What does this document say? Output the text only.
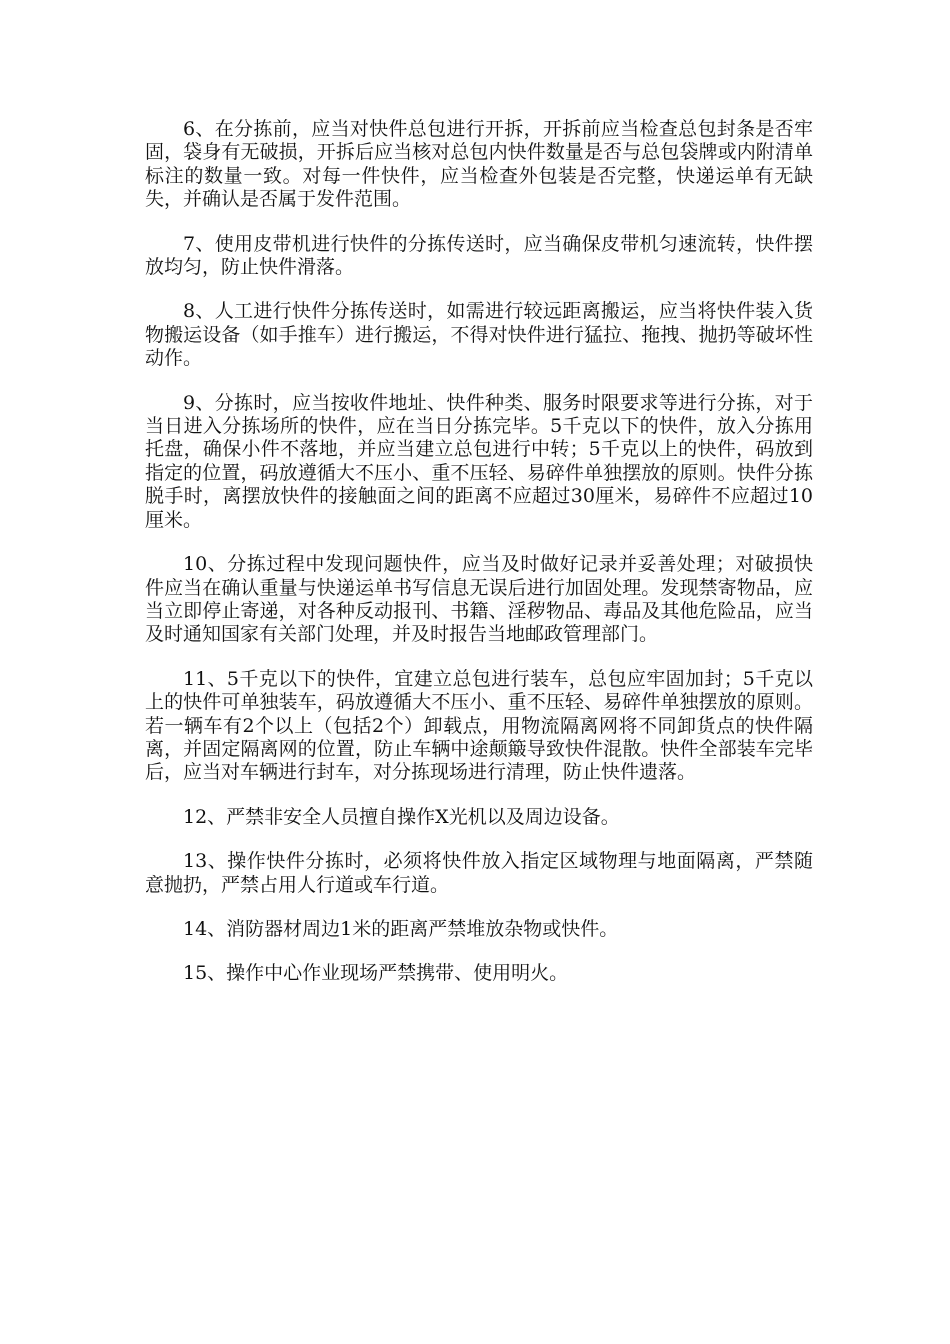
6、在分拣前，应当对快件总包进行开拆，开拆前应当检查总包封条是否牢固，袋身有无破损，开拆后应当核对总包内快件数量是否与总包袋牌或内附清单标注的数量一致。对每一件快件，应当检查外包装是否完整，快递运单有无缺失，并确认是否属于发件范围。

7、使用皮带机进行快件的分拣传送时，应当确保皮带机匀速流转，快件摆放均匀，防止快件滑落。

8、人工进行快件分拣传送时，如需进行较远距离搬运，应当将快件装入货物搬运设备（如手推车）进行搬运，不得对快件进行猛拉、拖拽、抛扔等破坏性动作。

9、分拣时，应当按收件地址、快件种类、服务时限要求等进行分拣，对于当日进入分拣场所的快件，应在当日分拣完毕。5千克以下的快件，放入分拣用托盘，确保小件不落地，并应当建立总包进行中转；5千克以上的快件，码放到指定的位置，码放遵循大不压小、重不压轻、易碎件单独摆放的原则。快件分拣脱手时，离摆放快件的接触面之间的距离不应超过30厘米，易碎件不应超过10厘米。

10、分拣过程中发现问题快件，应当及时做好记录并妥善处理；对破损快件应当在确认重量与快递运单书写信息无误后进行加固处理。发现禁寄物品，应当立即停止寄递，对各种反动报刊、书籍、淫秽物品、毒品及其他危险品，应当及时通知国家有关部门处理，并及时报告当地邮政管理部门。

11、5千克以下的快件，宜建立总包进行装车，总包应牢固加封；5千克以上的快件可单独装车，码放遵循大不压小、重不压轻、易碎件单独摆放的原则。若一辆车有2个以上（包括2个）卸载点，用物流隔离网将不同卸货点的快件隔离，并固定隔离网的位置，防止车辆中途颠簸导致快件混散。快件全部装车完毕后，应当对车辆进行封车，对分拣现场进行清理，防止快件遗落。

12、严禁非安全人员擅自操作X光机以及周边设备。

13、操作快件分拣时，必须将快件放入指定区域物理与地面隔离，严禁随意抛扔，严禁占用人行道或车行道。

14、消防器材周边1米的距离严禁堆放杂物或快件。

15、操作中心作业现场严禁携带、使用明火。
